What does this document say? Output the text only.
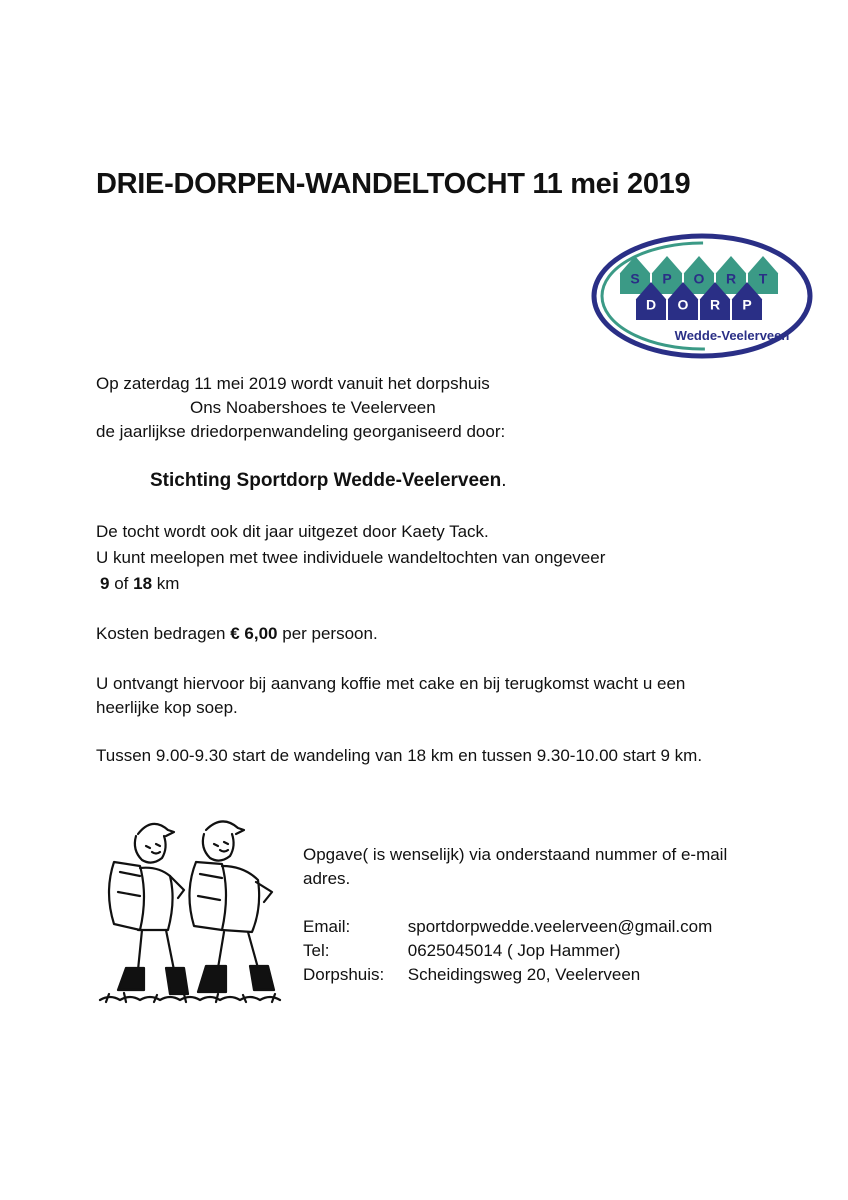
DRIE-DORPEN-WANDELTOCHT 11 mei 2019
S P O R T
D O R P
Wedde-Veelerveen
Op zaterdag 11 mei 2019 wordt vanuit het dorpshuis
Ons Noabershoes te Veelerveen
de jaarlijkse driedorpenwandeling georganiseerd door:
Stichting Sportdorp Wedde-Veelerveen.
De tocht wordt ook dit jaar uitgezet door Kaety Tack.
U kunt meelopen met twee individuele wandeltochten van ongeveer
9 of 18 km
Kosten bedragen € 6,00 per persoon.
U ontvangt hiervoor bij aanvang koffie met cake en bij terugkomst wacht u een
heerlijke kop soep.
Tussen 9.00-9.30 start de wandeling van 18 km en tussen 9.30-10.00 start 9 km.
Opgave( is wenselijk) via onderstaand nummer of e-mail
adres.
Email:	sportdorpwedde.veelerveen@gmail.com
Tel:	0625045014 ( Jop Hammer)
Dorpshuis: Scheidingsweg 20, Veelerveen
